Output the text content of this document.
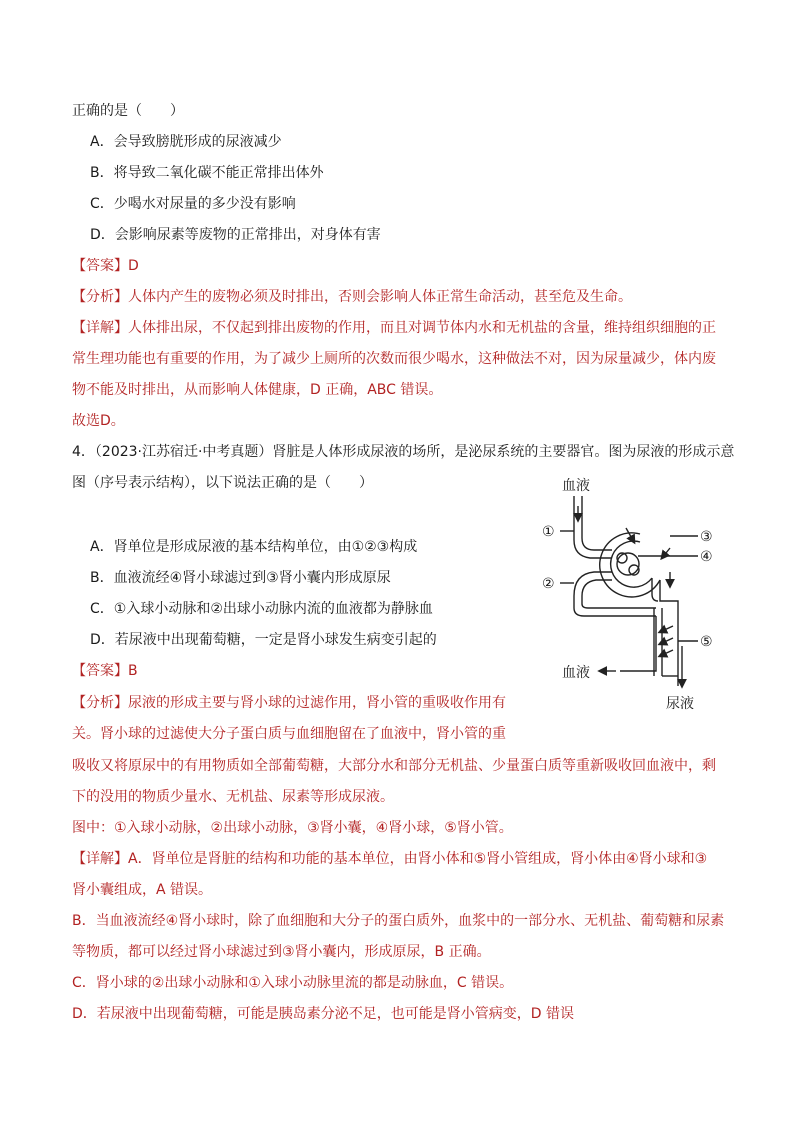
正确的是（　　）
A．会导致膀胱形成的尿液减少
B．将导致二氧化碳不能正常排出体外
C．少喝水对尿量的多少没有影响
D．会影响尿素等废物的正常排出，对身体有害
【答案】D
【分析】人体内产生的废物必须及时排出，否则会影响人体正常生命活动，甚至危及生命。
【详解】人体排出尿，不仅起到排出废物的作用，而且对调节体内水和无机盐的含量，维持组织细胞的正
常生理功能也有重要的作用，为了减少上厕所的次数而很少喝水，这种做法不对，因为尿量减少，体内废
物不能及时排出，从而影响人体健康，D 正确，ABC 错误。
故选D。
4．（2023·江苏宿迁·中考真题）肾脏是人体形成尿液的场所，是泌尿系统的主要器官。图为尿液的形成示意
图（序号表示结构），以下说法正确的是（　　）
A．肾单位是形成尿液的基本结构单位，由①②③构成
B．血液流经④肾小球滤过到③肾小囊内形成原尿
C．①入球小动脉和②出球小动脉内流的血液都为静脉血
D．若尿液中出现葡萄糖，一定是肾小球发生病变引起的
【答案】B
【分析】尿液的形成主要与肾小球的过滤作用，肾小管的重吸收作用有
关。肾小球的过滤使大分子蛋白质与血细胞留在了血液中，肾小管的重
吸收又将原尿中的有用物质如全部葡萄糖，大部分水和部分无机盐、少量蛋白质等重新吸收回血液中，剩
下的没用的物质少量水、无机盐、尿素等形成尿液。
图中：①入球小动脉，②出球小动脉，③肾小囊，④肾小球，⑤肾小管。
【详解】A．肾单位是肾脏的结构和功能的基本单位，由肾小体和⑤肾小管组成，肾小体由④肾小球和③
肾小囊组成，A 错误。
B．当血液流经④肾小球时，除了血细胞和大分子的蛋白质外，血浆中的一部分水、无机盐、葡萄糖和尿素
等物质，都可以经过肾小球滤过到③肾小囊内，形成原尿，B 正确。
C．肾小球的②出球小动脉和①入球小动脉里流的都是动脉血，C 错误。
D．若尿液中出现葡萄糖，可能是胰岛素分泌不足，也可能是肾小管病变，D 错误
血液
①
②
③
④
⑤
血液
尿液
